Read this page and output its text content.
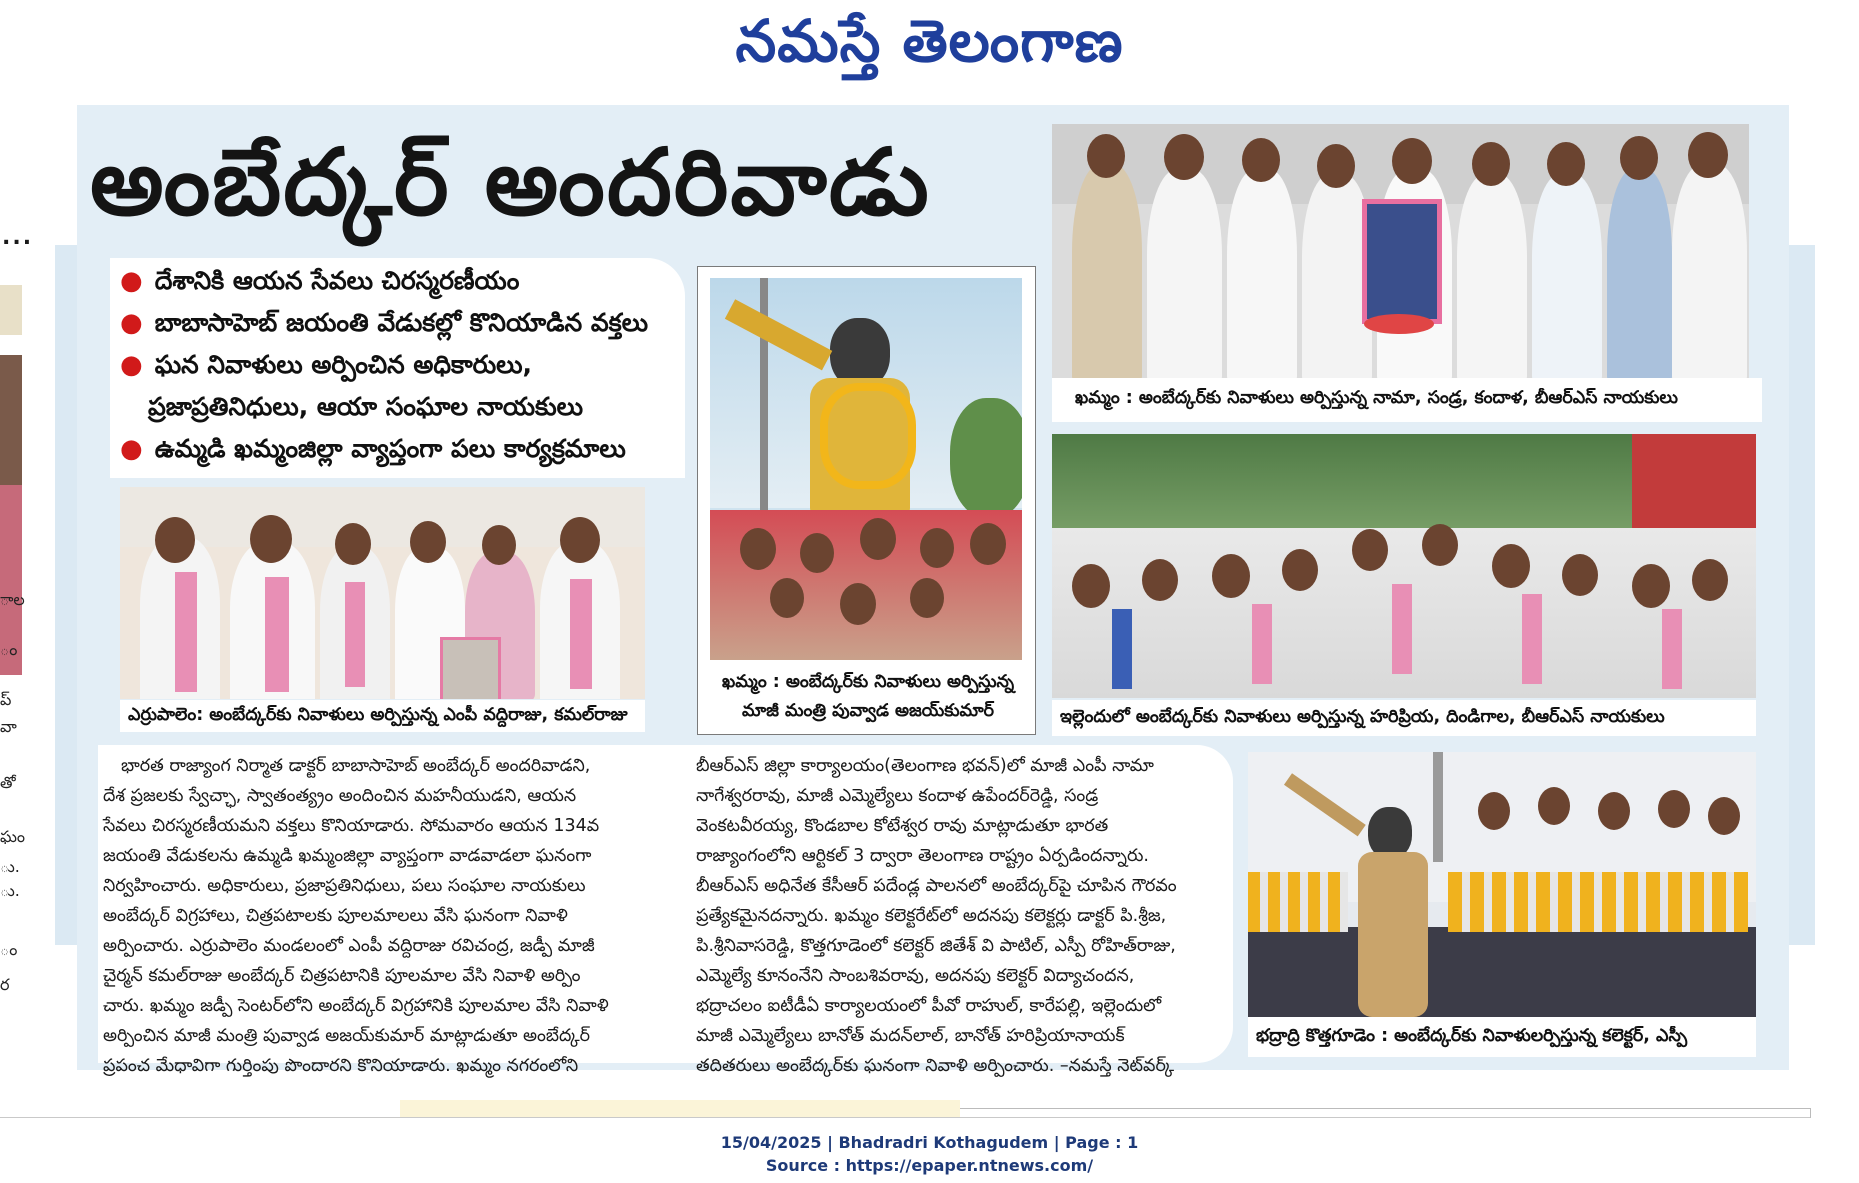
నమస్తే తెలంగాణ
...
ాల
ం
ప్
వా
తో
ఘం
ు.
ు.
ం
ర
అంబేద్కర్ అందరివాడు
● దేశానికి ఆయన సేవలు చిరస్మరణీయం
● బాబాసాహెబ్ జయంతి వేడుకల్లో కొనియాడిన వక్తలు
● ఘన నివాళులు అర్పించిన అధికారులు,
ప్రజాప్రతినిధులు, ఆయా సంఘాల నాయకులు
● ఉమ్మడి ఖమ్మంజిల్లా వ్యాప్తంగా పలు కార్యక్రమాలు
ఎర్రుపాలెం: అంబేద్కర్‌కు నివాళులు అర్పిస్తున్న ఎంపీ వద్దిరాజు, కమల్‌రాజు
ఖమ్మం : అంబేద్కర్‌కు నివాళులు అర్పిస్తున్న
మాజీ మంత్రి పువ్వాడ అజయ్‌కుమార్
ఖమ్మం : అంబేద్కర్‌కు నివాళులు అర్పిస్తున్న నామా, సండ్ర, కందాళ, బీఆర్ఎస్ నాయకులు
ఇల్లెందులో అంబేద్కర్‌కు నివాళులు అర్పిస్తున్న హరిప్రియ, దిండిగాల, బీఆర్ఎస్ నాయకులు
భద్రాద్రి కొత్తగూడెం : అంబేద్కర్‌కు నివాళులర్పిస్తున్న కలెక్టర్, ఎస్పీ

భారత రాజ్యాంగ నిర్మాత డాక్టర్ బాబాసాహెబ్ అంబేద్కర్ అందరివాడని,

దేశ ప్రజలకు స్వేచ్ఛా, స్వాతంత్య్రం అందించిన మహనీయుడని, ఆయన

సేవలు చిరస్మరణీయమని వక్తలు కొనియాడారు. సోమవారం ఆయన 134వ

జయంతి వేడుకలను ఉమ్మడి ఖమ్మంజిల్లా వ్యాప్తంగా వాడవాడలా ఘనంగా

నిర్వహించారు. అధికారులు, ప్రజాప్రతినిధులు, పలు సంఘాల నాయకులు

అంబేద్కర్ విగ్రహాలు, చిత్రపటాలకు పూలమాలలు వేసి ఘనంగా నివాళి

అర్పించారు. ఎర్రుపాలెం మండలంలో ఎంపీ వద్దిరాజు రవిచంద్ర, జడ్పీ మాజీ

చైర్మన్ కమల్‌రాజు అంబేద్కర్ చిత్రపటానికి పూలమాల వేసి నివాళి అర్పిం

చారు. ఖమ్మం జడ్పీ సెంటర్‌లోని అంబేద్కర్ విగ్రహానికి పూలమాల వేసి నివాళి

అర్పించిన మాజీ మంత్రి పువ్వాడ అజయ్‌కుమార్ మాట్లాడుతూ అంబేద్కర్

ప్రపంచ మేధావిగా గుర్తింపు పొందారని కొనియాడారు. ఖమ్మం నగరంలోని

బీఆర్ఎస్ జిల్లా కార్యాలయం(తెలంగాణ భవన్)లో మాజీ ఎంపీ నామా

నాగేశ్వరరావు, మాజీ ఎమ్మెల్యేలు కందాళ ఉపేందర్‌రెడ్డి, సండ్ర

వెంకటవీరయ్య, కొండబాల కోటేశ్వర రావు మాట్లాడుతూ భారత

రాజ్యాంగంలోని ఆర్టికల్ 3 ద్వారా తెలంగాణ రాష్ట్రం ఏర్పడిందన్నారు.

బీఆర్ఎస్ అధినేత కేసీఆర్ పదేండ్ల పాలనలో అంబేద్కర్‌పై చూపిన గౌరవం

ప్రత్యేకమైనదన్నారు. ఖమ్మం కలెక్టరేట్‌లో అదనపు కలెక్టర్లు డాక్టర్ పి.శ్రీజ,

పి.శ్రీనివాసరెడ్డి, కొత్తగూడెంలో కలెక్టర్ జితేశ్ వి పాటిల్, ఎస్పీ రోహిత్‌రాజు,

ఎమ్మెల్యే కూనంనేని సాంబశివరావు, అదనపు కలెక్టర్ విద్యాచందన,

భద్రాచలం ఐటీడీఏ కార్యాలయంలో పీవో రాహుల్, కారేపల్లి, ఇల్లెందులో

మాజీ ఎమ్మెల్యేలు బానోత్ మదన్‌లాల్, బానోత్ హరిప్రియానాయక్

తదితరులు అంబేద్కర్‌కు ఘనంగా నివాళి అర్పించారు. –నమస్తే నెట్‌వర్క్

15/04/2025 | Bhadradri Kothagudem | Page : 1
Source : https://epaper.ntnews.com/
